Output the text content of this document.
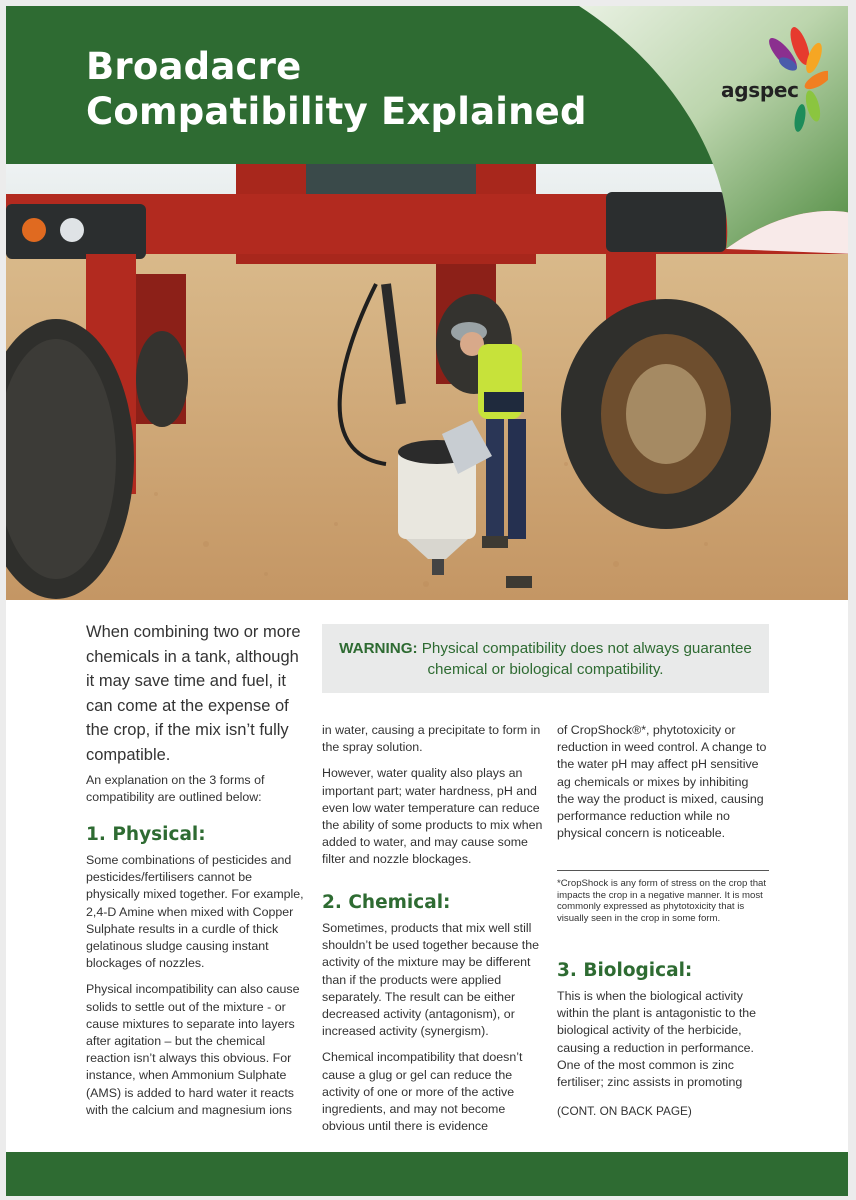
Broadacre
Compatibility Explained	agspec
When combining two or more chemicals in a tank, although it may save time and fuel, it can come at the expense of the crop, if the mix isn’t fully compatible.
An explanation on the 3 forms of compatibility are outlined below:
WARNING: Physical compatibility does not always guarantee chemical or biological compatibility.
1. Physical:

Some combinations of pesticides and pesticides/fertilisers cannot be physically mixed together. For example, 2,4-D Amine when mixed with Copper Sulphate results in a curdle of thick gelatinous sludge causing instant blockages of nozzles.

Physical incompatibility can also cause solids to settle out of the mixture - or cause mixtures to separate into layers after agitation – but the chemical reaction isn’t always this obvious. For instance, when Ammonium Sulphate (AMS) is added to hard water it reacts with the calcium and magnesium ions

in water, causing a precipitate to form in the spray solution.

However, water quality also plays an important part; water hardness, pH and even low water temperature can reduce the ability of some products to mix when added to water, and may cause some filter and nozzle blockages.

2. Chemical:

Sometimes, products that mix well still shouldn’t be used together because the activity of the mixture may be different than if the products were applied separately. The result can be either decreased activity (antagonism), or increased activity (synergism).

Chemical incompatibility that doesn’t cause a glug or gel can reduce the activity of one or more of the active ingredients, and may not become obvious until there is evidence

of CropShock®*, phytotoxicity or reduction in weed control. A change to the water pH may affect pH sensitive ag chemicals or mixes by inhibiting the way the product is mixed, causing performance reduction while no physical concern is noticeable.

*CropShock is any form of stress on the crop that impacts the crop in a negative manner. It is most commonly expressed as phytotoxicity that is visually seen in the crop in some form.
3. Biological:

This is when the biological activity within the plant is antagonistic to the biological activity of the herbicide, causing a reduction in performance. One of the most common is zinc fertiliser; zinc assists in promoting

(CONT. ON BACK PAGE)
